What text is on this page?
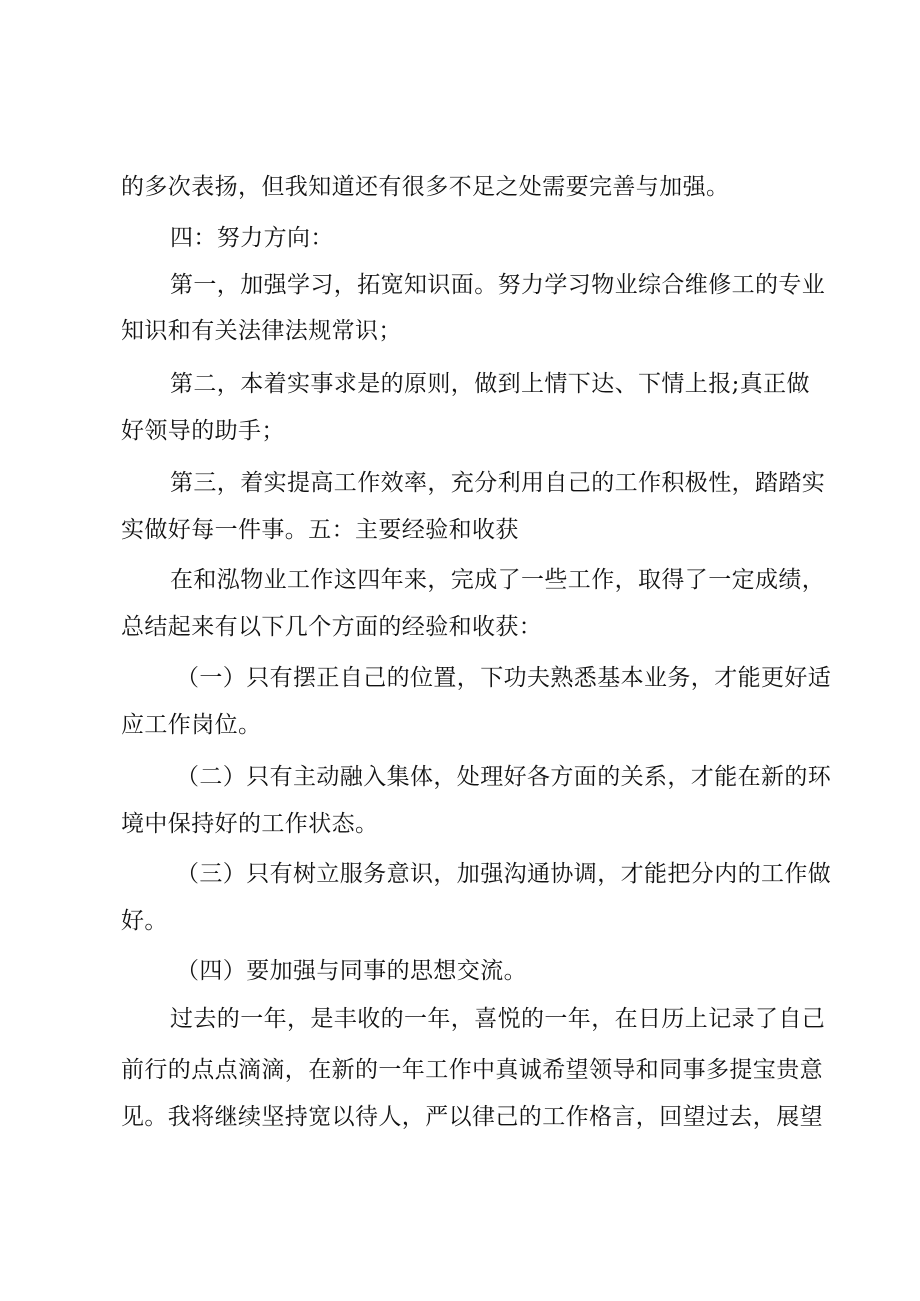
的多次表扬，但我知道还有很多不足之处需要完善与加强。
四：努力方向：
第一，加强学习，拓宽知识面。努力学习物业综合维修工的专业
知识和有关法律法规常识；
第二，本着实事求是的原则，做到上情下达、下情上报;真正做
好领导的助手；
第三，着实提高工作效率，充分利用自己的工作积极性，踏踏实
实做好每一件事。五：主要经验和收获
在和泓物业工作这四年来，完成了一些工作，取得了一定成绩，
总结起来有以下几个方面的经验和收获：
（一）只有摆正自己的位置，下功夫熟悉基本业务，才能更好适
应工作岗位。
（二）只有主动融入集体，处理好各方面的关系，才能在新的环
境中保持好的工作状态。
（三）只有树立服务意识，加强沟通协调，才能把分内的工作做
好。
（四）要加强与同事的思想交流。
过去的一年，是丰收的一年，喜悦的一年，在日历上记录了自己
前行的点点滴滴，在新的一年工作中真诚希望领导和同事多提宝贵意
见。我将继续坚持宽以待人，严以律己的工作格言，回望过去，展望
